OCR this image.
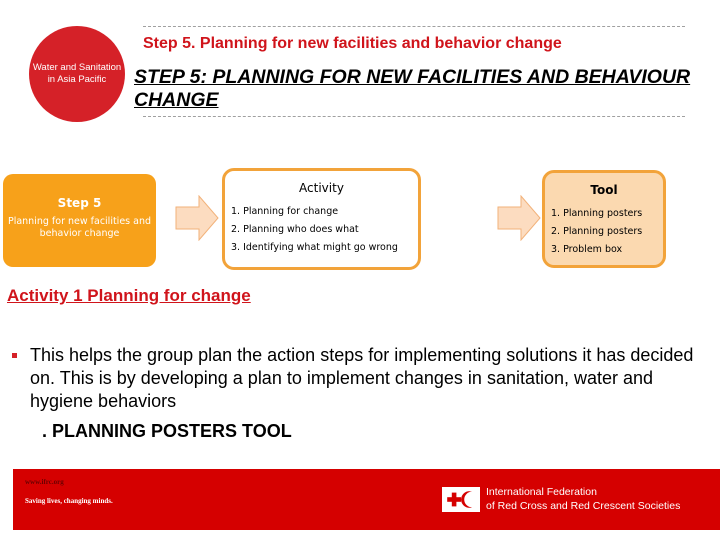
Water and Sanitation in Asia Pacific
Step 5. Planning for new facilities and behavior change
STEP 5: PLANNING FOR NEW FACILITIES AND BEHAVIOUR CHANGE
Step 5
Planning for new facilities and behavior change
Activity
1. Planning for change
2. Planning who does what
3. Identifying what might go wrong
Tool
1. Planning posters
2. Planning posters
3. Problem box
Activity 1 Planning for change
This helps the group plan the action steps for implementing solutions it has decided on. This is by developing a plan to implement changes in sanitation, water and hygiene behaviors
. PLANNING POSTERS TOOL
www.ifrc.org
Saving lives, changing minds.
International Federation
of Red Cross and Red Crescent Societies
